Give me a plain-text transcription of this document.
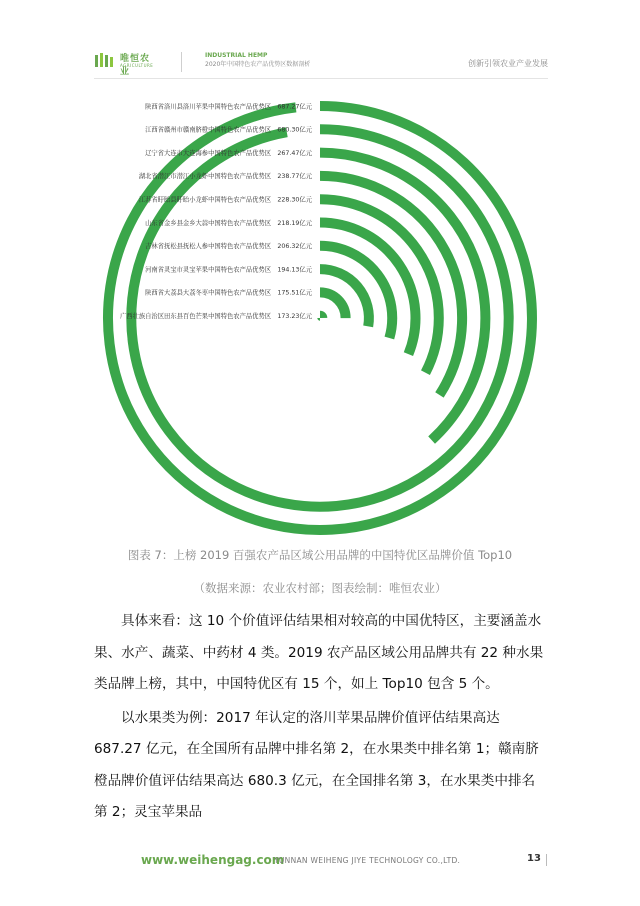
唯恒农业
AGRICULTURE
INDUSTRIAL HEMP
2020年中国特色农产品优势区数据剖析	创新引领农业产业发展
陕西省洛川县洛川苹果中国特色农产品优势区　687.27亿元
江西省赣州市赣南脐橙中国特色农产品优势区　680.30亿元
辽宁省大连市大连海参中国特色农产品优势区　267.47亿元
湖北省潜江市潜江小龙虾中国特色农产品优势区　238.77亿元
江苏省盱眙县盱眙小龙虾中国特色农产品优势区　228.30亿元
山东省金乡县金乡大蒜中国特色农产品优势区　218.19亿元
吉林省抚松县抚松人参中国特色农产品优势区　206.32亿元
河南省灵宝市灵宝苹果中国特色农产品优势区　194.13亿元
陕西省大荔县大荔冬枣中国特色农产品优势区　175.51亿元
广西壮族自治区田东县百色芒果中国特色农产品优势区　173.23亿元
图表 7：上榜 2019 百强农产品区域公用品牌的中国特优区品牌价值 Top10
（数据来源：农业农村部；图表绘制：唯恒农业）

具体来看：这 10 个价值评估结果相对较高的中国优特区，主要涵盖水果、水产、蔬菜、中药材 4 类。2019 农产品区域公用品牌共有 22 种水果类品牌上榜，其中，中国特优区有 15 个，如上 Top10 包含 5 个。

以水果类为例：2017 年认定的洛川苹果品牌价值评估结果高达 687.27 亿元，在全国所有品牌中排名第 2，在水果类中排名第 1；赣南脐橙品牌价值评估结果高达 680.3 亿元，在全国排名第 3，在水果类中排名第 2；灵宝苹果品

www.weihengag.com
YUNNAN WEIHENG JIYE TECHNOLOGY CO.,LTD.	13
